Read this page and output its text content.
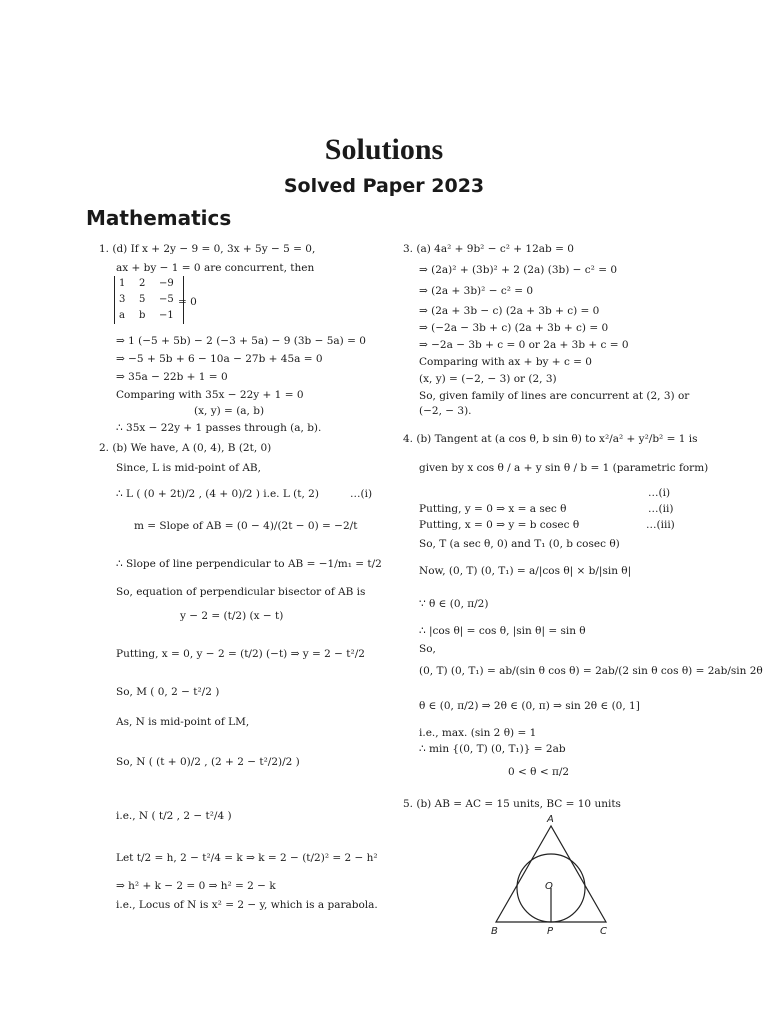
Solutions
Solved Paper 2023
Mathematics
1. (d) If x + 2y − 9 = 0, 3x + 5y − 5 = 0,
ax + by − 1 = 0 are concurrent, then
1 2 −9
3 5 −5
a b −1
= 0
⇒ 1 (−5 + 5b) − 2 (−3 + 5a) − 9 (3b − 5a) = 0
⇒ −5 + 5b + 6 − 10a − 27b + 45a = 0
⇒ 35a − 22b + 1 = 0
Comparing with 35x − 22y + 1 = 0
(x, y) = (a, b)
∴ 35x − 22y + 1 passes through (a, b).
2. (b) We have, A (0, 4), B (2t, 0)
Since, L is mid-point of AB,
∴ L ( (0 + 2t)/2 , (4 + 0)/2 ) i.e. L (t, 2)	…(i)
m = Slope of AB = (0 − 4)/(2t − 0) = −2/t
∴ Slope of line perpendicular to AB = −1/m₁ = t/2
So, equation of perpendicular bisector of AB is
y − 2 = (t/2) (x − t)
Putting, x = 0, y − 2 = (t/2) (−t) ⇒ y = 2 − t²/2
So, M ( 0, 2 − t²/2 )
As, N is mid-point of LM,
So, N ( (t + 0)/2 , (2 + 2 − t²/2)/2 )
i.e., N ( t/2 , 2 − t²/4 )
Let t/2 = h, 2 − t²/4 = k ⇒ k = 2 − (t/2)² = 2 − h²
⇒ h² + k − 2 = 0 ⇒ h² = 2 − k
i.e., Locus of N is x² = 2 − y, which is a parabola.
3. (a) 4a² + 9b² − c² + 12ab = 0
⇒ (2a)² + (3b)² + 2 (2a) (3b) − c² = 0
⇒ (2a + 3b)² − c² = 0
⇒ (2a + 3b − c) (2a + 3b + c) = 0
⇒ (−2a − 3b + c) (2a + 3b + c) = 0
⇒ −2a − 3b + c = 0 or 2a + 3b + c = 0
Comparing with ax + by + c = 0
(x, y) = (−2, − 3) or (2, 3)
So, given family of lines are concurrent at (2, 3) or
(−2, − 3).
4. (b) Tangent at (a cos θ, b sin θ) to x²/a² + y²/b² = 1 is
given by x cos θ / a + y sin θ / b = 1 (parametric form)
…(i)
Putting, y = 0 ⇒ x = a sec θ	…(ii)
Putting, x = 0 ⇒ y = b cosec θ	…(iii)
So, T (a sec θ, 0) and T₁ (0, b cosec θ)
Now, (0, T) (0, T₁) = a/|cos θ| × b/|sin θ|
∵ θ ∈ (0, π/2)
∴ |cos θ| = cos θ, |sin θ| = sin θ
So,
(0, T) (0, T₁) = ab/(sin θ cos θ) = 2ab/(2 sin θ cos θ) = 2ab/sin 2θ
θ ∈ (0, π/2) ⇒ 2θ ∈ (0, π) ⇒ sin 2θ ∈ (0, 1]
i.e., max. (sin 2 θ) = 1
∴ min {(0, T) (0, T₁)} = 2ab
0 < θ < π/2
5. (b) AB = AC = 15 units, BC = 10 units
A
O
B	P	C
